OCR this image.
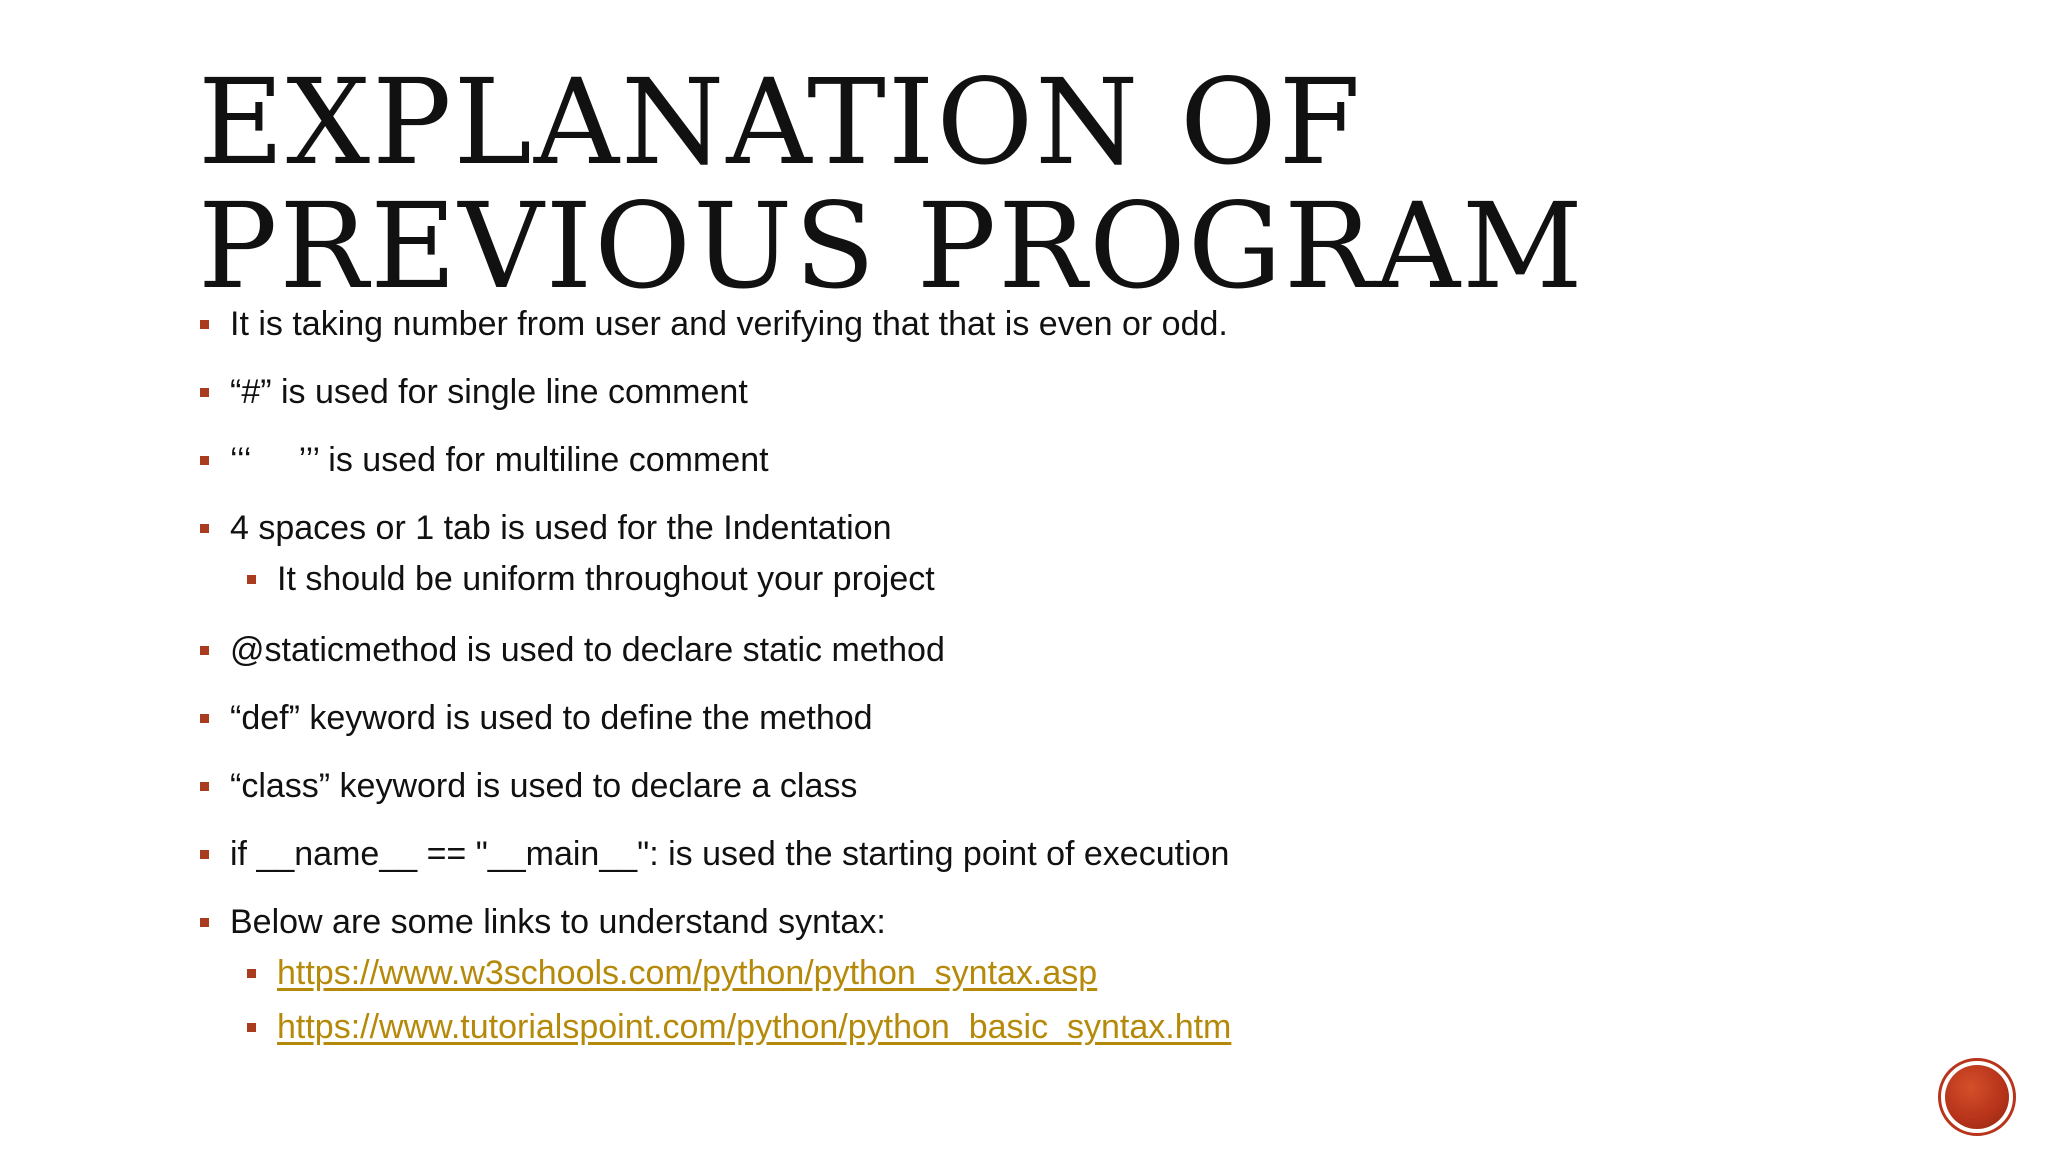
EXPLANATION OF
PREVIOUS PROGRAM
It is taking number from user and verifying that that is even or odd.
“#” is used for single line comment
‘‘‘     ’’’ is used for multiline comment
4 spaces or 1 tab is used for the Indentation
It should be uniform throughout your project
@staticmethod is used to declare static method
“def” keyword is used to define the method
“class” keyword is used to declare a class
if __name__ == "__main__": is used the starting point of execution
Below are some links to understand syntax:
https://www.w3schools.com/python/python_syntax.asp
https://www.tutorialspoint.com/python/python_basic_syntax.htm
